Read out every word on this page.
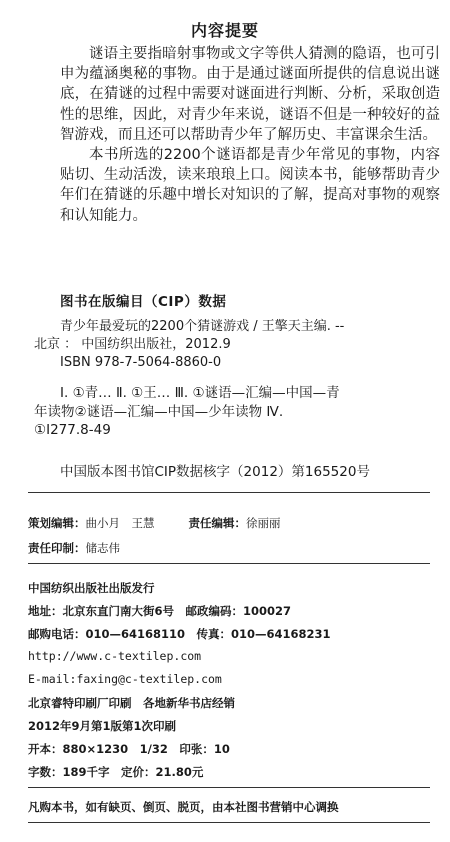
内容提要

谜语主要指暗射事物或文字等供人猜测的隐语，也可引申为蕴涵奥秘的事物。由于是通过谜面所提供的信息说出谜底，在猜谜的过程中需要对谜面进行判断、分析，采取创造性的思维，因此，对青少年来说，谜语不但是一种较好的益智游戏，而且还可以帮助青少年了解历史、丰富课余生活。

本书所选的2200个谜语都是青少年常见的事物，内容贴切、生动活泼，读来琅琅上口。阅读本书，能够帮助青少年们在猜谜的乐趣中增长对知识的了解，提高对事物的观察和认知能力。

图书在版编目（CIP）数据
青少年最爱玩的2200个猜谜游戏 / 王擎天主编. --
北京 ： 中国纺织出版社，2012.9
ISBN 978-7-5064-8860-0
Ⅰ. ①青… Ⅱ. ①王… Ⅲ. ①谜语—汇编—中国—青
年读物②谜语—汇编—中国—少年读物 Ⅳ.
①Ⅰ277.8-49
中国版本图书馆CIP数据核字（2012）第165520号
策划编辑：曲小月　王慧	责任编辑：徐丽丽
责任印制：储志伟
中国纺织出版社出版发行
地址：北京东直门南大街6号　邮政编码：100027
邮购电话：010—64168110　传真：010—64168231
http://www.c-textilep.com
E-mail:faxing@c-textilep.com
北京睿特印刷厂印刷　各地新华书店经销
2012年9月第1版第1次印刷
开本：880×1230　1/32　印张：10
字数：189千字　定价：21.80元
凡购本书，如有缺页、倒页、脱页，由本社图书营销中心调换
